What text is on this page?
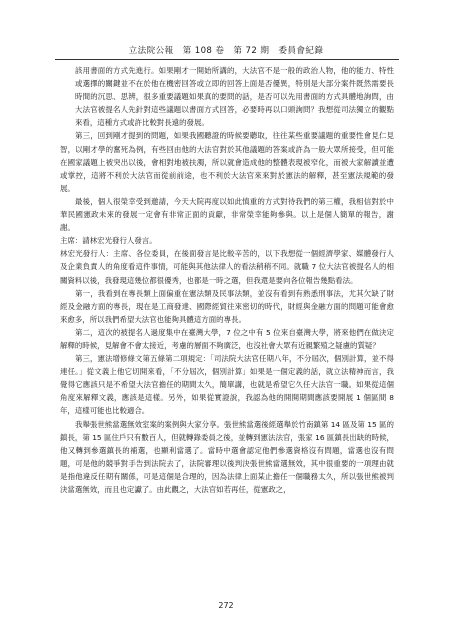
立法院公報　第 108 卷　第 72 期　委員會紀錄

該用書面的方式先進行。如果剛才一開始所講的，大法官不是一般的政治人物，他的能力、特性或選擇的關鍵並不在於他在機密回答或立即的回答上面是否優異，特別是大部分案件既然需要長時間的沉思、思辨，很多重要議題如果真的要問的話，是否可以先用書面的方式具體地詢問，由大法官被提名人先針對這些議題以書面方式回答，必要時再以口頭詢問？我想從司法獨立的觀點來看，這種方式或許比較對長遠的發展。

第三，回到剛才提到的問題，如果我國聽證的時候要聽取，往往某些重要議題的重要性會見仁見智，以剛才學的奮死為例，有些回由他的大法官對於其他議題的答案或許為一般大眾所接受，但可能在國家議題上被突出以後，會相對地被扶濁，所以就會造成他的整體表現被窄化，而被大家解讀並遭或掌控，這將不利於大法官而從前前途，也不利於大法官來來對於憲法的解釋，甚至憲法規範的發展。

最後，個人很榮幸受到邀請，今天大院再度以如此慎重的方式對待我們的第三權，我相信對於中華民國憲政未來的發展一定會有非常正面的貢獻，非常榮幸能夠參與。以上是個人簡單的報告，謝謝。

主席：請林宏光發行人發言。

林宏光發行人：主席、各位委員，在後面發言是比較辛苦的，以下我想從一個經濟學家、媒體發行人及企業負責人的角度看這件事情，可能與其他法律人的看法稍稍不同。就職 7 位大法官被提名人的相關資料以後，我發現這幾位都很優秀，也都是一時之選，但我還是要向各位報告幾點看法。

第一，我看到在專長類上面偏重在憲法類及民事法類，並沒有看到有熟悉刑事法，尤其欠缺了財經及金融方面的專長，現在是工商發達、國際經貿往來密切的時代，財經與金融方面的問題可能會愈來愈多，所以我們希望大法官也能夠具體這方面的專長。

第二，這次的被提名人過度集中在臺灣大學，7 位之中有 5 位來自臺灣大學，將來他們在做決定解釋的時候，見解會不會太接近，考慮的層面不夠廣泛，也沒社會大眾有近親繁殖之疑慮的質疑？

第三，憲法增修條文第五條第二項規定：「司法院大法官任期八年，不分屆次，個別計算，並不得連任。」從文義上他它切開來看，「不分屆次，個別計算」如果是一個定義的話，就立法精神而言，我覺得它應該只是不希望大法官擔任的期間太久，簡單講，也就是希望它久任大法官一職。如果從這個角度來解釋文義，應該是這樣。另外，如果從實證說，我認為他的開開期間應該要開展 1 個區間 8 年，這樣可能也比較適合。

我舉張世熊當選無效室案的案例與大家分享。張世熊當選後經選舉於竹南鎮第 14 區及第 15 區的鎮長，第 15 區住戶只有數百人，但就轉錄委員之後，並轉到憲法法官，張家 16 區鎮長出缺的時候，他又轉到參選鎮長的補選，也顯利當選了。當時中選會認定他們參選資格沒有問題，當選也沒有問題，可是他的競爭對手告到法院去了，法院審理以後判決張世熊當選無效，其中很重要的一項理由就是指他違反任期有關係，可是這個是合理的，因為法律上面某止擔任一個職務太久，所以張世熊被判決當選無效，而且也定讞了。由此觀之，大法官如若再任，從憲政之，

272
